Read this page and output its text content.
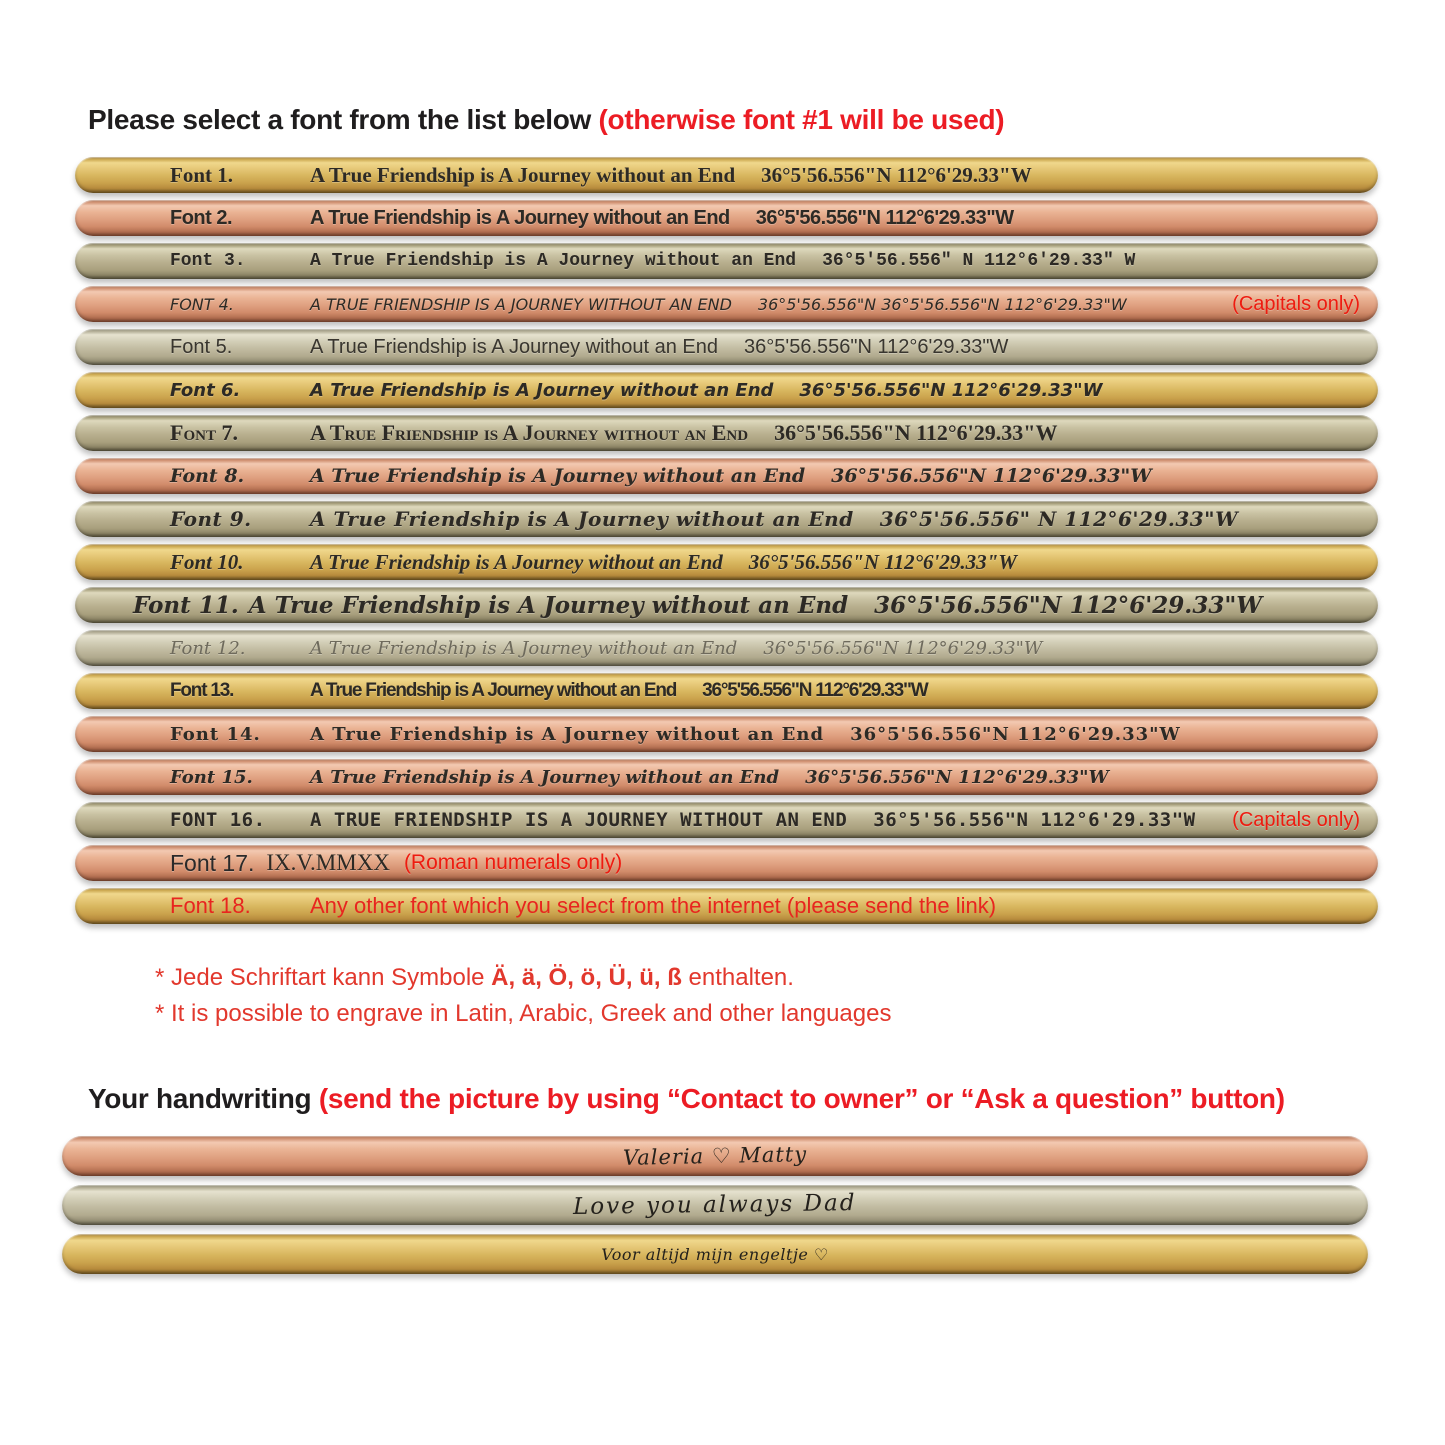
Please select a font from the list below (otherwise font #1 will be used)
Font 1.	A True Friendship is A Journey without an End 36°5'56.556"N 112°6'29.33"W
Font 2.	A True Friendship is A Journey without an End 36°5'56.556"N 112°6'29.33"W
Font 3.	A True Friendship is A Journey without an End 36°5'56.556" N 112°6'29.33" W
FONT 4.	A TRUE FRIENDSHIP IS A JOURNEY WITHOUT AN END 36°5'56.556"N 36°5'56.556"N 112°6'29.33"W	(Capitals only)
Font 5.	A True Friendship is A Journey without an End 36°5'56.556"N 112°6'29.33"W
Font 6.	A True Friendship is A Journey without an End 36°5'56.556"N 112°6'29.33"W
Font 7.	A True Friendship is A Journey without an End 36°5'56.556"N 112°6'29.33"W
Font 8.	A True Friendship is A Journey without an End 36°5'56.556"N 112°6'29.33"W
Font 9.	A True Friendship is A Journey without an End 36°5'56.556" N 112°6'29.33"W
Font 10.	A True Friendship is A Journey without an End 36°5'56.556"N 112°6'29.33"W
Font 11. A True Friendship is A Journey without an End 36°5'56.556"N 112°6'29.33"W
Font 12.	A True Friendship is A Journey without an End 36°5'56.556"N 112°6'29.33"W
Font 13.	A True Friendship is A Journey without an End 36°5'56.556"N 112°6'29.33"W
Font 14.	A True Friendship is A Journey without an End 36°5'56.556"N 112°6'29.33"W
Font 15.	A True Friendship is A Journey without an End 36°5'56.556"N 112°6'29.33"W
FONT 16.	A TRUE FRIENDSHIP IS A JOURNEY WITHOUT AN END 36°5'56.556"N 112°6'29.33"W (Capitals only)
Font 17. IX.V.MMXX (Roman numerals only)
Font 18.	Any other font which you select from the internet (please send the link)
* Jede Schriftart kann Symbole Ä, ä, Ö, ö, Ü, ü, ß enthalten.
* It is possible to engrave in Latin, Arabic, Greek and other languages
Your handwriting (send the picture by using “Contact to owner” or “Ask a question” button)
Valeria ♡ Matty
Love you always Dad
Voor altijd mijn engeltje ♡
